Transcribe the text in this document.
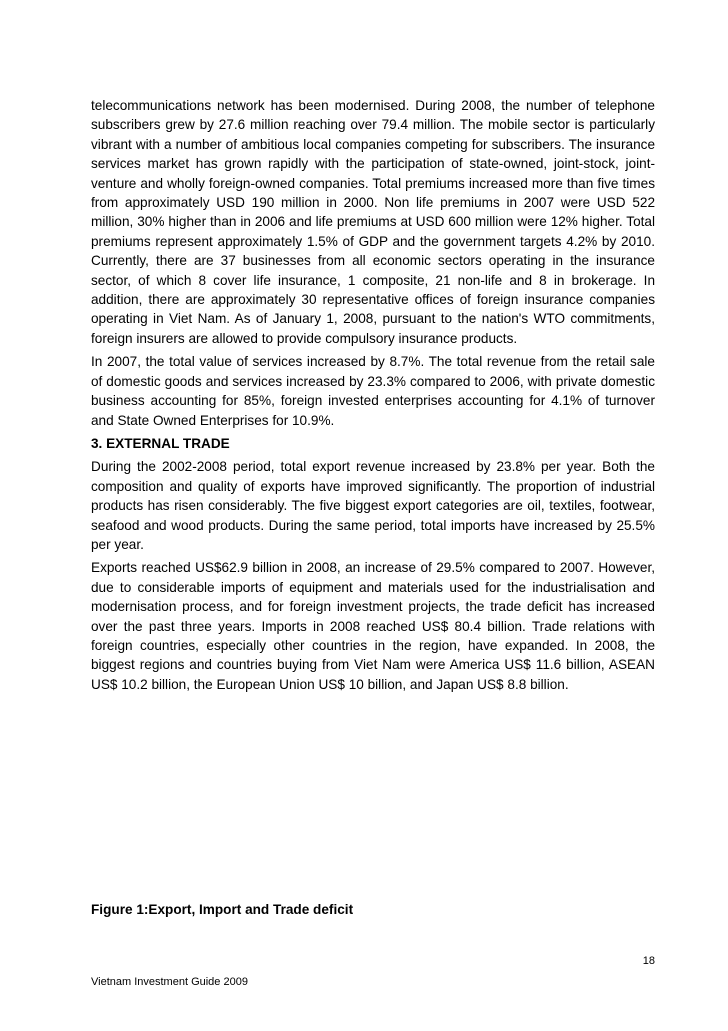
telecommunications network has been modernised. During 2008, the number of telephone subscribers grew by 27.6 million reaching over 79.4 million. The mobile sector is particularly vibrant with a number of ambitious local companies competing for subscribers. The insurance services market has grown rapidly with the participation of state-owned, joint-stock, joint-venture and wholly foreign-owned companies. Total premiums increased more than five times from approximately USD 190 million in 2000. Non life premiums in 2007 were USD 522 million, 30% higher than in 2006 and life premiums at USD 600 million were 12% higher. Total premiums represent approximately 1.5% of GDP and the government targets 4.2% by 2010. Currently, there are 37 businesses from all economic sectors operating in the insurance sector, of which 8 cover life insurance, 1 composite, 21 non-life and 8 in brokerage. In addition, there are approximately 30 representative offices of foreign insurance companies operating in Viet Nam. As of January 1, 2008, pursuant to the nation's WTO commitments, foreign insurers are allowed to provide compulsory insurance products.

In 2007, the total value of services increased by 8.7%. The total revenue from the retail sale of domestic goods and services increased by 23.3% compared to 2006, with private domestic business accounting for 85%, foreign invested enterprises accounting for 4.1% of turnover and State Owned Enterprises for 10.9%.

3. EXTERNAL TRADE

During the 2002-2008 period, total export revenue increased by 23.8% per year. Both the composition and quality of exports have improved significantly. The proportion of industrial products has risen considerably. The five biggest export categories are oil, textiles, footwear, seafood and wood products. During the same period, total imports have increased by 25.5% per year.

Exports reached US$62.9 billion in 2008, an increase of 29.5% compared to 2007. However, due to considerable imports of equipment and materials used for the industrialisation and modernisation process, and for foreign investment projects, the trade deficit has increased over the past three years. Imports in 2008 reached US$ 80.4 billion. Trade relations with foreign countries, especially other countries in the region, have expanded. In 2008, the biggest regions and countries buying from Viet Nam were America US$ 11.6 billion, ASEAN US$ 10.2 billion, the European Union US$ 10 billion, and Japan US$ 8.8 billion.

Figure 1:Export, Import and Trade deficit
18
Vietnam Investment Guide 2009
